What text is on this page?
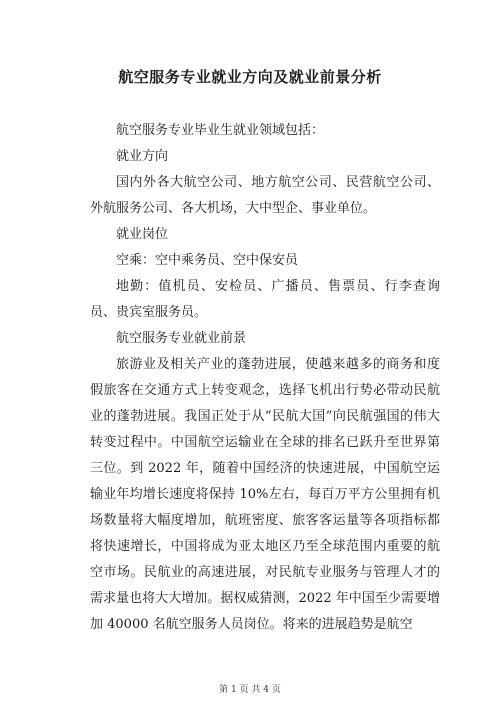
航空服务专业就业方向及就业前景分析

航空服务专业毕业生就业领域包括：

就业方向

国内外各大航空公司、地方航空公司、民营航空公司、外航服务公司、各大机场，大中型企、事业单位。

就业岗位

空乘：空中乘务员、空中保安员

地勤：值机员、安检员、广播员、售票员、行李查询员、贵宾室服务员。

航空服务专业就业前景

旅游业及相关产业的蓬勃进展，使越来越多的商务和度假旅客在交通方式上转变观念，选择飞机出行势必带动民航业的蓬勃进展。我国正处于从“民航大国”向民航强国的伟大转变过程中。中国航空运输业在全球的排名已跃升至世界第三位。到 2022 年，随着中国经济的快速进展，中国航空运输业年均增长速度将保持 10%左右，每百万平方公里拥有机场数量将大幅度增加，航班密度、旅客客运量等各项指标都将快速增长，中国将成为亚太地区乃至全球范围内重要的航空市场。民航业的高速进展，对民航专业服务与管理人才的需求量也将大大增加。据权威猜测，2022 年中国至少需要增加 40000 名航空服务人员岗位。将来的进展趋势是航空

第 1 页 共 4 页
